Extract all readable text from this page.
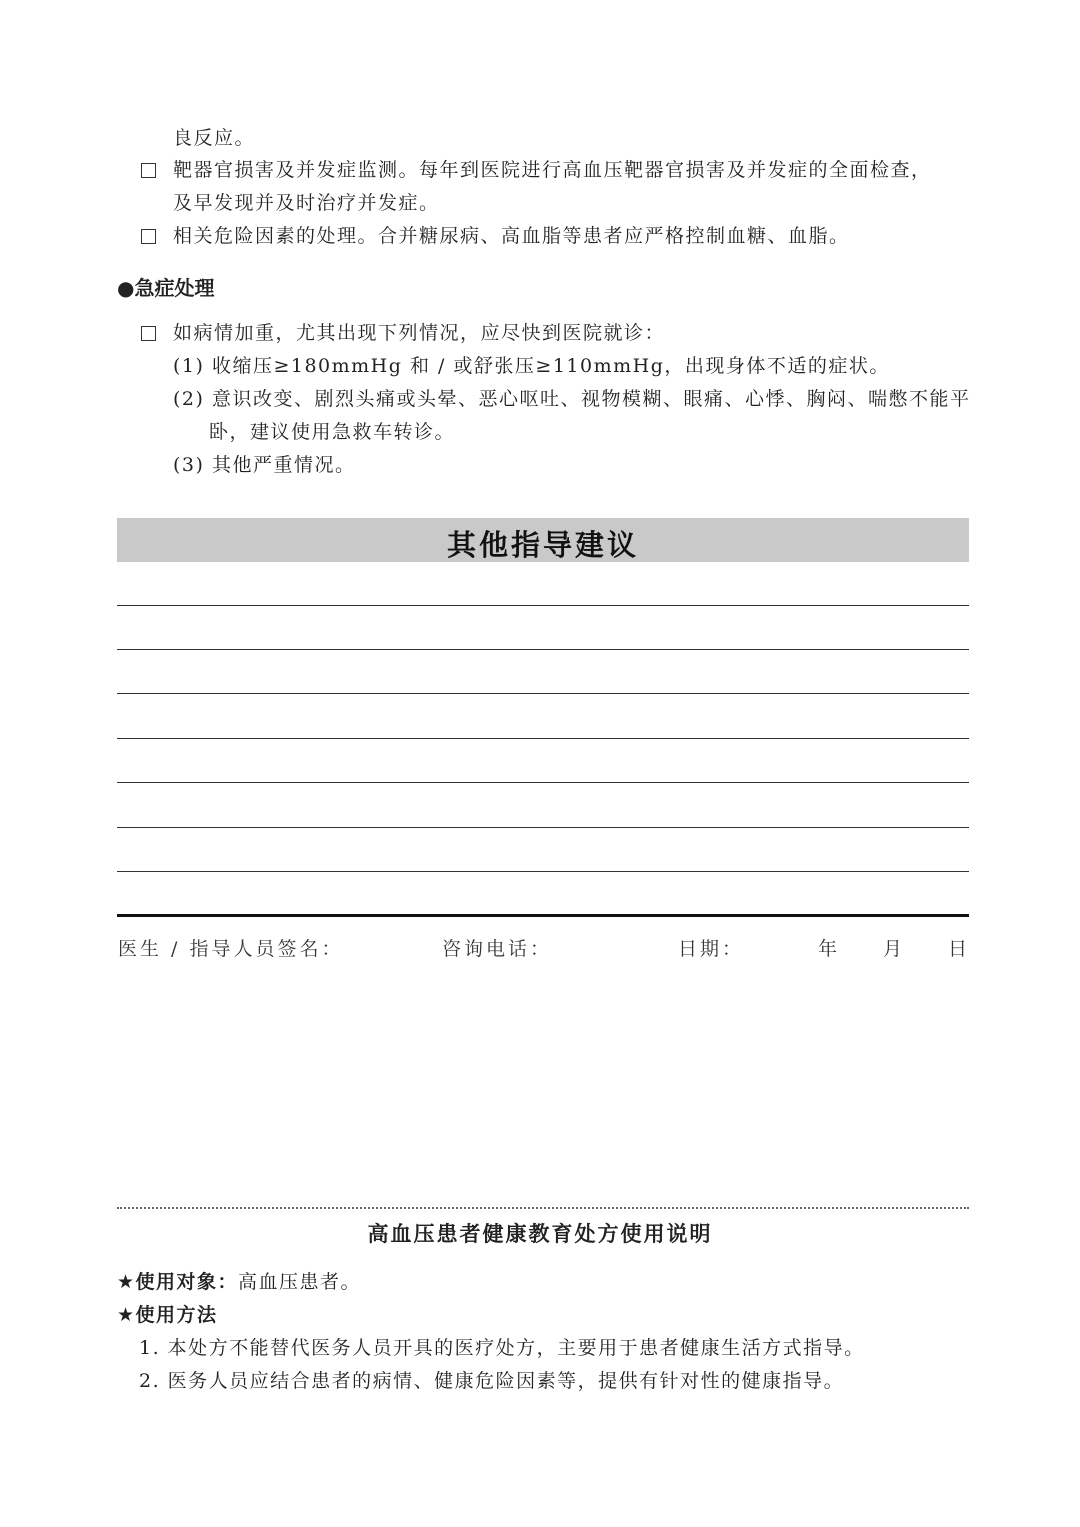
良反应。
靶器官损害及并发症监测。每年到医院进行高血压靶器官损害及并发症的全面检查，
及早发现并及时治疗并发症。
相关危险因素的处理。合并糖尿病、高血脂等患者应严格控制血糖、血脂。
●急症处理
如病情加重，尤其出现下列情况，应尽快到医院就诊：
(1) 收缩压≥180mmHg 和 / 或舒张压≥110mmHg，出现身体不适的症状。
(2) 意识改变、剧烈头痛或头晕、恶心呕吐、视物模糊、眼痛、心悸、胸闷、喘憋不能平
卧，建议使用急救车转诊。
(3) 其他严重情况。
其他指导建议
医生 / 指导人员签名：	咨询电话：	日期：	年 月 日
高血压患者健康教育处方使用说明
★使用对象：高血压患者。
★使用方法
1. 本处方不能替代医务人员开具的医疗处方，主要用于患者健康生活方式指导。
2. 医务人员应结合患者的病情、健康危险因素等，提供有针对性的健康指导。
